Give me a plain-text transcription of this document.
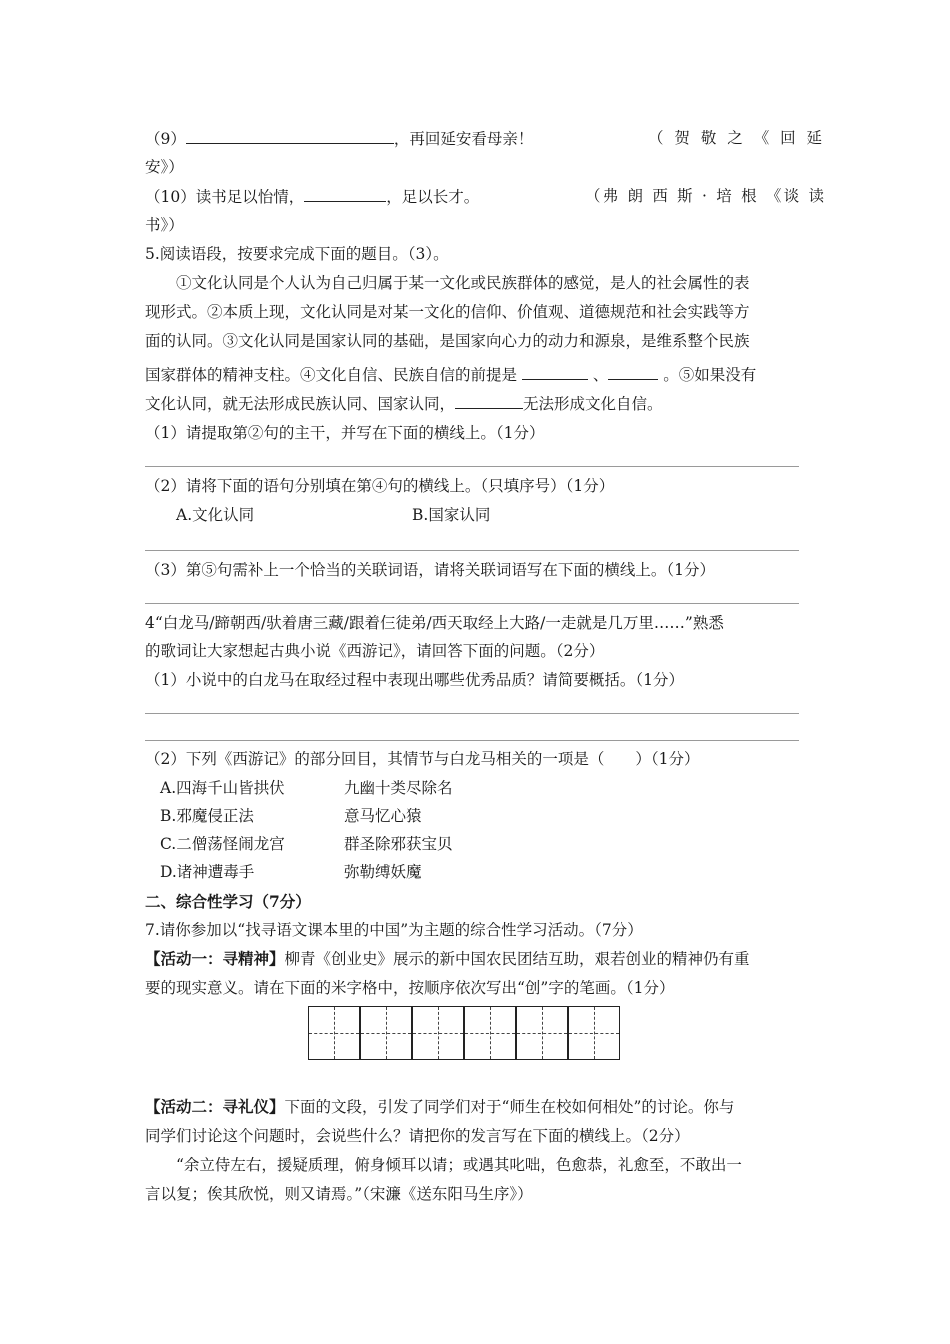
（9）	，再回延安看母亲！	（ 贺 敬 之 《 回 延
安》）
（10）读书足以怡情，	，足以长才。	（弗 朗 西 斯 · 培 根 《谈 读
书》）
5.阅读语段，按要求完成下面的题目。（3）。
①文化认同是个人认为自己归属于某一文化或民族群体的感觉，是人的社会属性的表
现形式。②本质上现，文化认同是对某一文化的信仰、价值观、道德规范和社会实践等方
面的认同。③文化认同是国家认同的基础，是国家向心力的动力和源泉，是维系整个民族
国家群体的精神支柱。④文化自信、民族自信的前提是	、	。⑤如果没有
文化认同，就无法形成民族认同、国家认同，	无法形成文化自信。
（1）请提取第②句的主干，并写在下面的横线上。（1分）
（2）请将下面的语句分别填在第④句的横线上。（只填序号）（1分）
A.文化认同	B.国家认同
（3）第⑤句需补上一个恰当的关联词语，请将关联词语写在下面的横线上。（1分）
4“白龙马/蹄朝西/驮着唐三藏/跟着仨徒弟/西天取经上大路/一走就是几万里……”熟悉
的歌词让大家想起古典小说《西游记》，请回答下面的问题。（2分）
（1）小说中的白龙马在取经过程中表现出哪些优秀品质？请简要概括。（1分）
（2）下列《西游记》的部分回目，其情节与白龙马相关的一项是（　　）（1分）
A.四海千山皆拱伏	九幽十类尽除名
B.邪魔侵正法	意马忆心猿
C.二僧荡怪闹龙宫	群圣除邪获宝贝
D.诸神遭毒手	弥勒缚妖魔
二、综合性学习（7分）
7.请你参加以“找寻语文课本里的中国”为主题的综合性学习活动。（7分）
【活动一：寻精神】柳青《创业史》展示的新中国农民团结互助，艰若创业的精神仍有重
要的现实意义。请在下面的米字格中，按顺序依次写出“创”字的笔画。（1分）
【活动二：寻礼仪】下面的文段，引发了同学们对于“师生在校如何相处”的讨论。你与
同学们讨论这个问题时，会说些什么？请把你的发言写在下面的横线上。（2分）
“余立侍左右，援疑质理，俯身倾耳以请；或遇其叱咄，色愈恭，礼愈至，不敢出一
言以复；俟其欣悦，则又请焉。”（宋濂《送东阳马生序》）
